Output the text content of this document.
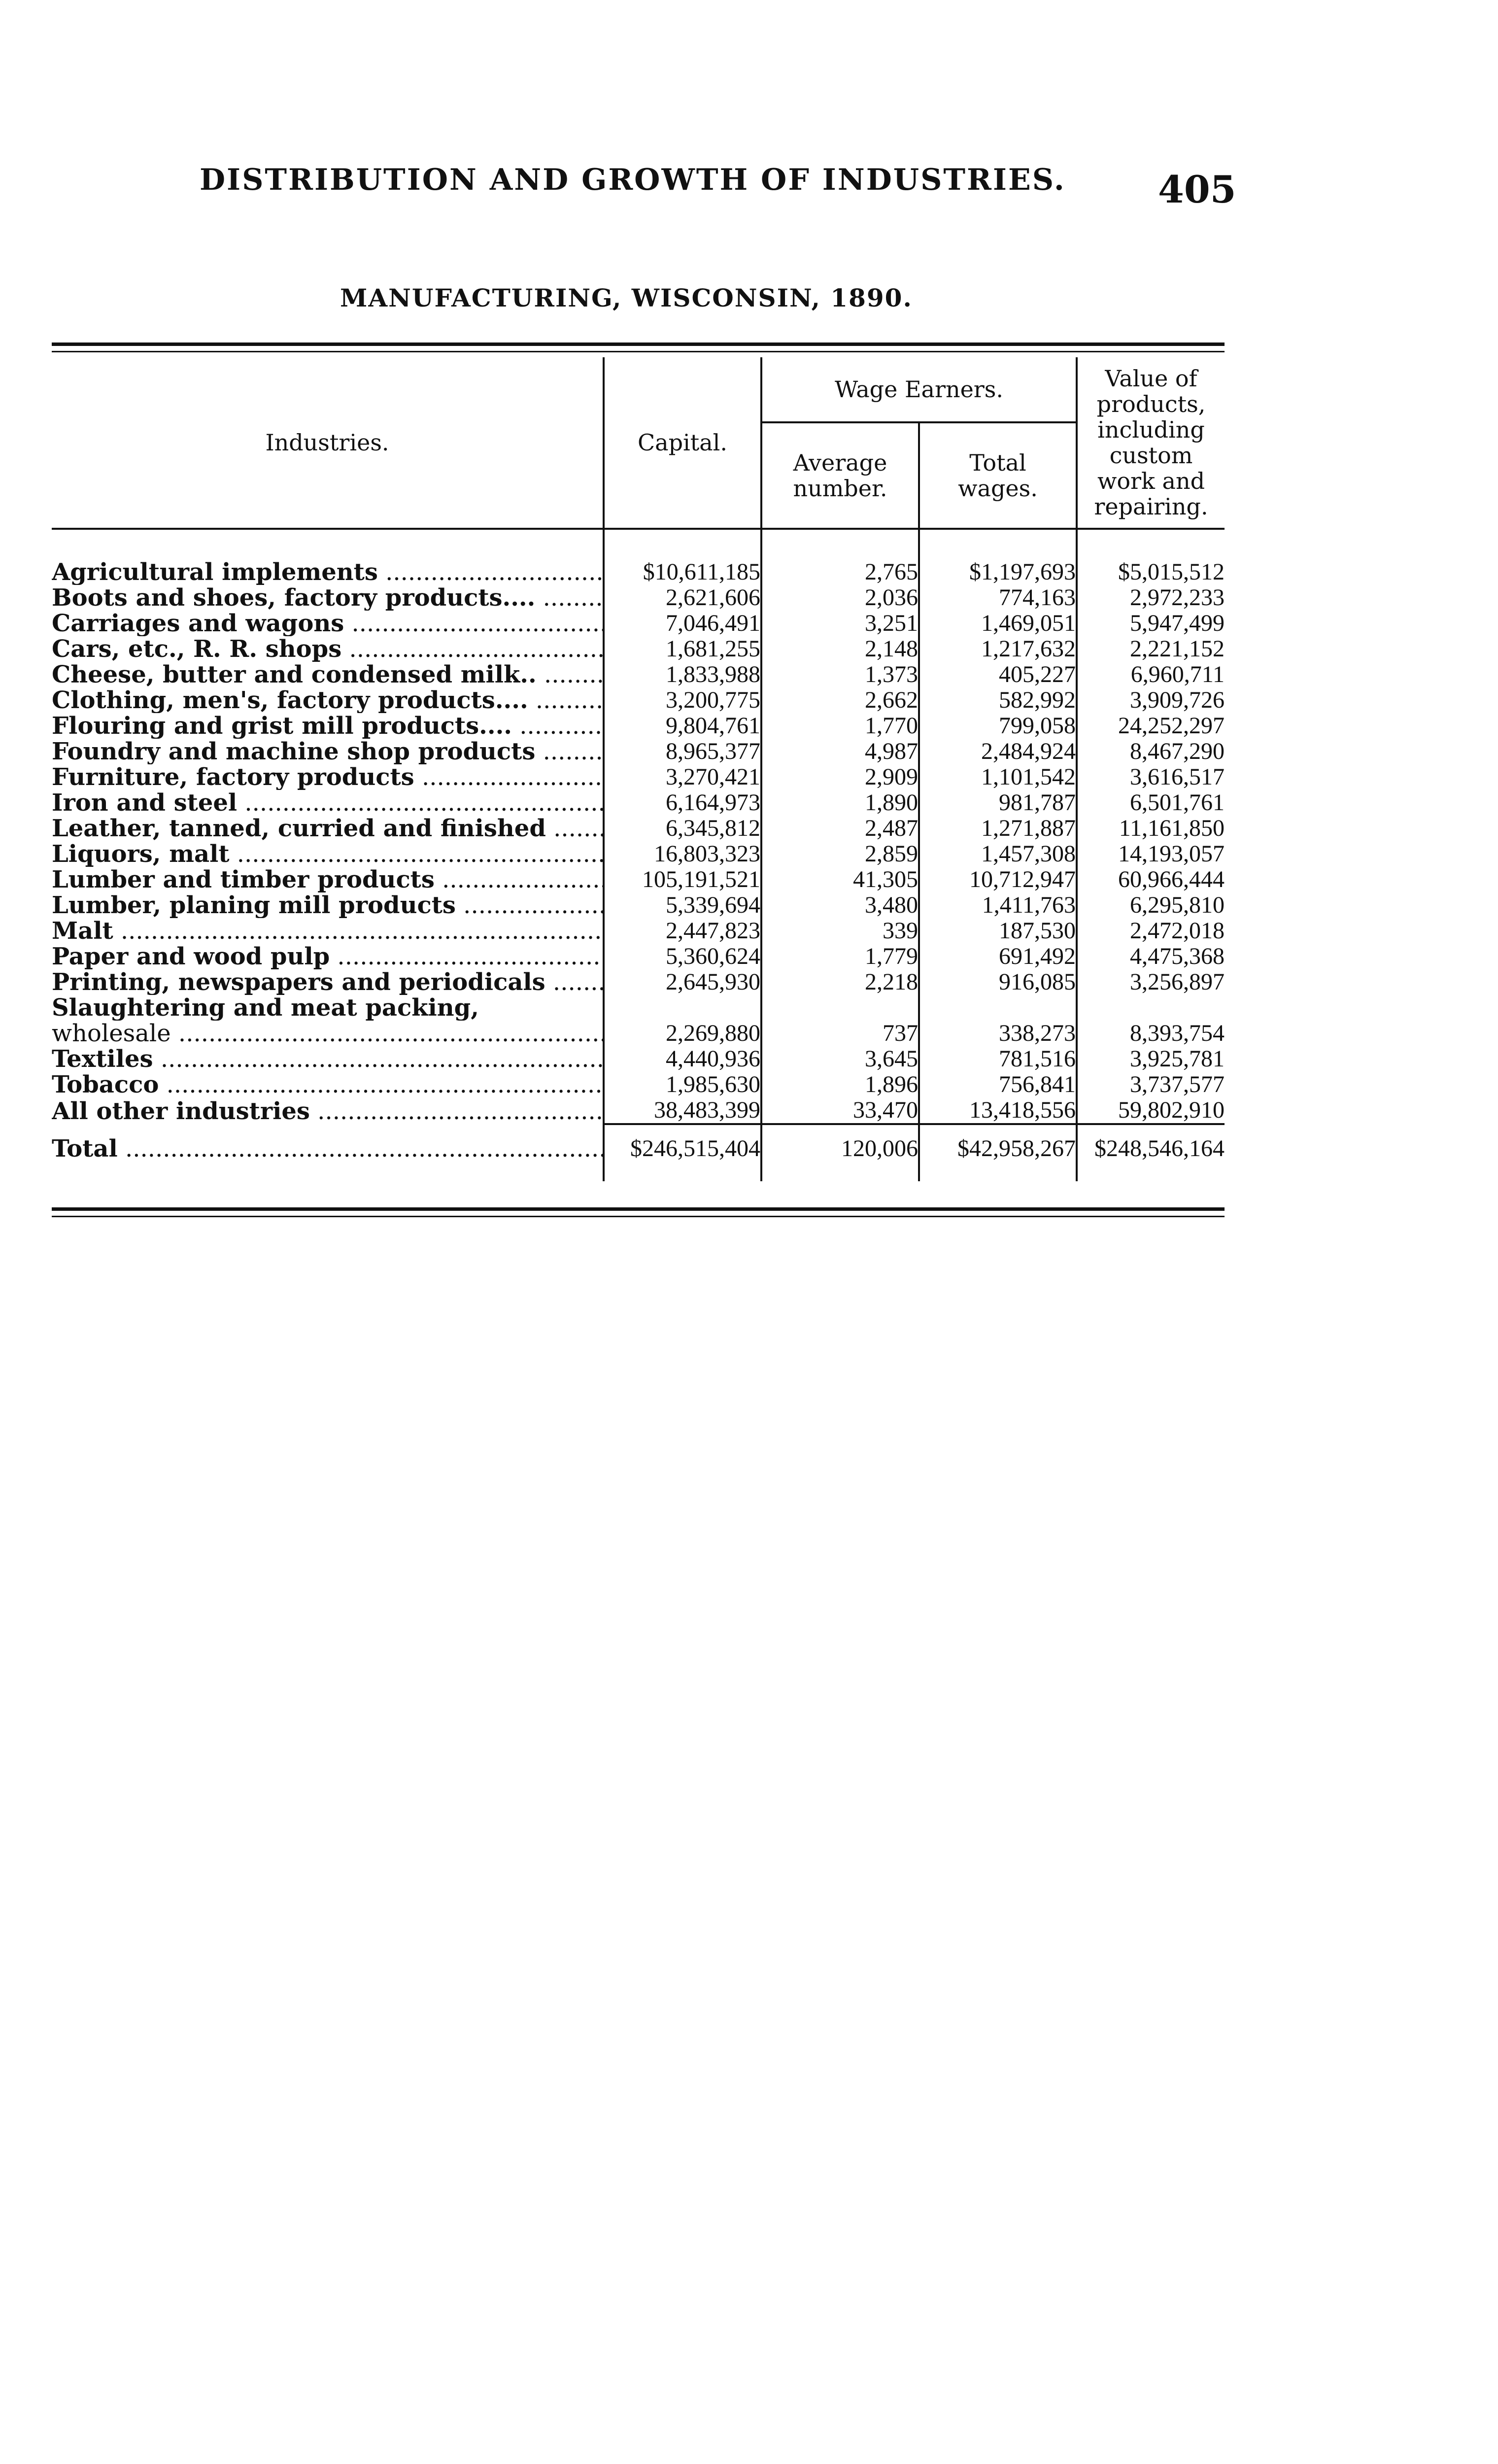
DISTRIBUTION AND GROWTH OF INDUSTRIES. 405
MANUFACTURING, WISCONSIN, 1890.
Industries.	Capital.	Wage Earners.		Value of products, including custom work and repairing.
		Average number.	Total wages.	

Agricultural implements .....	$10,611,185	2,765	$1,197,693	$5,015,512
Boots and shoes, factory products.... .....	2,621,606	2,036	774,163	2,972,233
Carriages and wagons .....	7,046,491	3,251	1,469,051	5,947,499
Cars, etc., R. R. shops .....	1,681,255	2,148	1,217,632	2,221,152
Cheese, butter and condensed milk.. .....	1,833,988	1,373	405,227	6,960,711
Clothing, men's, factory products.... .....	3,200,775	2,662	582,992	3,909,726
Flouring and grist mill products.... .....	9,804,761	1,770	799,058	24,252,297
Foundry and machine shop products .....	8,965,377	4,987	2,484,924	8,467,290
Furniture, factory products .....	3,270,421	2,909	1,101,542	3,616,517
Iron and steel .....	6,164,973	1,890	981,787	6,501,761
Leather, tanned, curried and finished .....	6,345,812	2,487	1,271,887	11,161,850
Liquors, malt .....	16,803,323	2,859	1,457,308	14,193,057
Lumber and timber products .....	105,191,521	41,305	10,712,947	60,966,444
Lumber, planing mill products .....	5,339,694	3,480	1,411,763	6,295,810
Malt .....	2,447,823	339	187,530	2,472,018
Paper and wood pulp .....	5,360,624	1,779	691,492	4,475,368
Printing, newspapers and periodicals .....	2,645,930	2,218	916,085	3,256,897
Slaughtering and meat packing,				
wholesale .....	2,269,880	737	338,273	8,393,754
Textiles .....	4,440,936	3,645	781,516	3,925,781
Tobacco .....	1,985,630	1,896	756,841	3,737,577
All other industries .....	38,483,399	33,470	13,418,556	59,802,910
Total .....	$246,515,404	120,006	$42,958,267	$248,546,164
